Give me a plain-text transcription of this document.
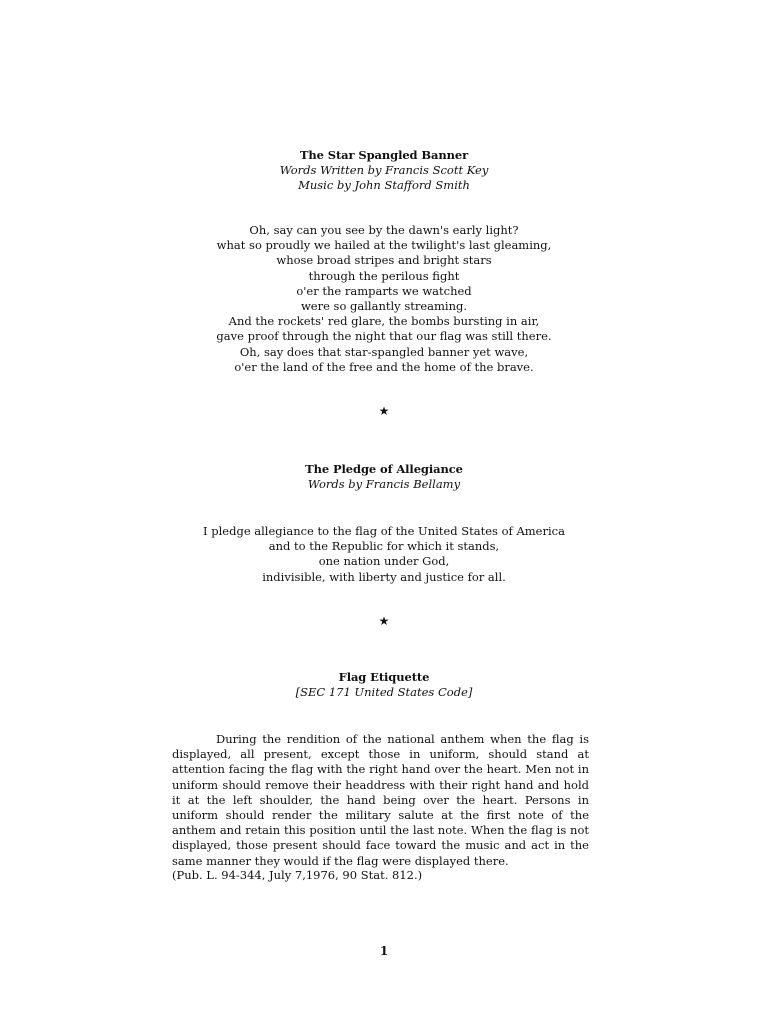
The Star Spangled Banner
Words Written by Francis Scott Key
Music by John Stafford Smith
Oh, say can you see by the dawn's early light?
what so proudly we hailed at the twilight's last gleaming,
whose broad stripes and bright stars
through the perilous fight
o'er the ramparts we watched
were so gallantly streaming.
And the rockets' red glare, the bombs bursting in air,
gave proof through the night that our flag was still there.
Oh, say does that star-spangled banner yet wave,
o'er the land of the free and the home of the brave.
★
The Pledge of Allegiance
Words by Francis Bellamy
I pledge allegiance to the flag of the United States of America
and to the Republic for which it stands,
one nation under God,
indivisible, with liberty and justice for all.
★
Flag Etiquette
[SEC 171 United States Code]

During the rendition of the national anthem when the flag is displayed, all present, except those in uniform, should stand at attention facing the flag with the right hand over the heart. Men not in uniform should remove their headdress with their right hand and hold it at the left shoulder, the hand being over the heart. Persons in uniform should render the military salute at the first note of the anthem and retain this position until the last note. When the flag is not displayed, those present should face toward the music and act in the same manner they would if the flag were displayed there.

(Pub. L. 94-344, July 7,1976, 90 Stat. 812.)
1
